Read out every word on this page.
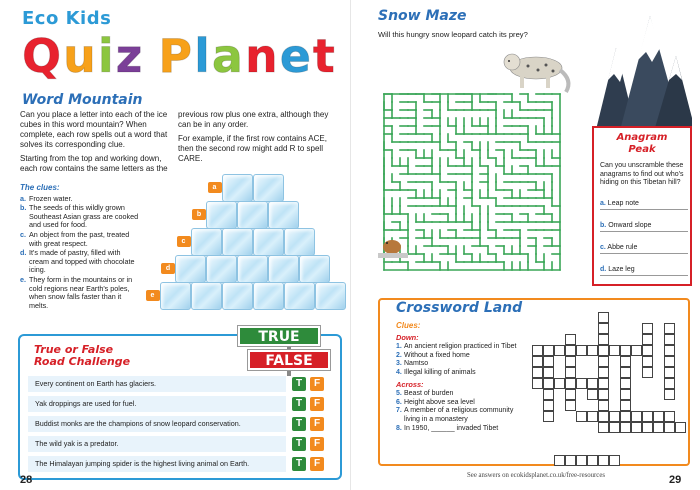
Eco Kids
Q u i z P l a n e t
Word Mountain

Can you place a letter into each of the ice cubes in this word mountain? When complete, each row spells out a word that solves its corresponding clue.

Starting from the top and working down, each row contains the same letters as the

previous row plus one extra, although they can be in any order.

For example, if the first row contains ACE, then the second row might add R to spell CARE.

The clues:
a. Frozen water.
b. The seeds of this wildly grown Southeast Asian grass are cooked and used for food.
c. An object from the past, treated with great respect.
d. It's made of pastry, filled with cream and topped with chocolate icing.
e. They form in the mountains or in cold regions near Earth's poles, when snow falls faster than it melts.
a
b
c
d
e
True or False
Road Challenge
TRUE
FALSE
Every continent on Earth has glaciers.	T	F
Yak droppings are used for fuel.	T	F
Buddist monks are the champions of snow leopard conservation.	T	F
The wild yak is a predator.	T	F
The Himalayan jumping spider is the highest living animal on Earth.	T	F
28
Snow Maze
Will this hungry snow leopard catch its prey?
Anagram
Peak
Can you unscramble these anagrams to find out who's hiding on this Tibetan hill?
a. Leap note
b. Onward slope
c. Abbe rule
d. Laze leg
Crossword Land
Clues:
Down:
1. An ancient religion practiced in Tibet
2. Without a fixed home
3. Namtso
4. Illegal killing of animals
Across:
5. Beast of burden
6. Height above sea level
7. A member of a religious community living in a monastery
8. In 1950, ______ invaded Tibet
See answers on ecokidsplanet.co.uk/free-resources	29
